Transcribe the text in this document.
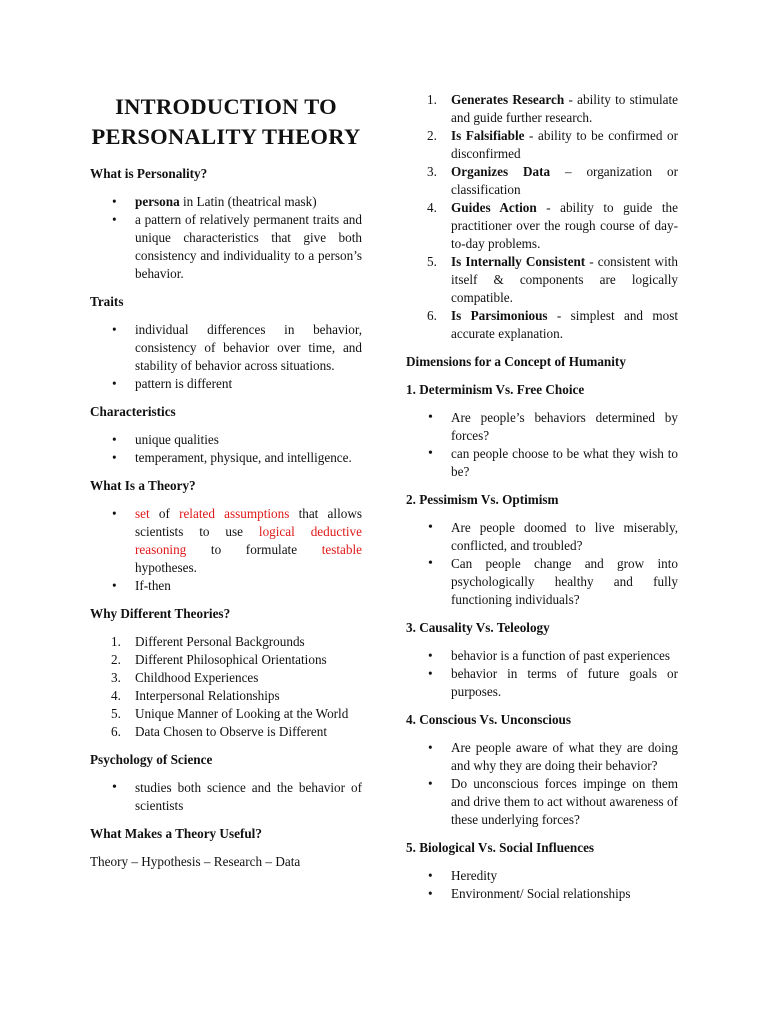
INTRODUCTION TO
PERSONALITY THEORY

What is Personality?

• persona in Latin (theatrical mask)
• a pattern of relatively permanent traits and unique characteristics that give both consistency and individuality to a person’s behavior.

Traits

• individual differences in behavior, consistency of behavior over time, and stability of behavior across situations.
• pattern is different

Characteristics

• unique qualities
• temperament, physique, and intelligence.

What Is a Theory?

• set of related assumptions that allows scientists to use logical deductive reasoning to formulate testable hypotheses.
• If-then

Why Different Theories?

1. Different Personal Backgrounds
2. Different Philosophical Orientations
3. Childhood Experiences
4. Interpersonal Relationships
5. Unique Manner of Looking at the World
6. Data Chosen to Observe is Different

Psychology of Science

• studies both science and the behavior of scientists

What Makes a Theory Useful?

Theory – Hypothesis – Research – Data

1. Generates Research - ability to stimulate and guide further research.
2. Is Falsifiable - ability to be confirmed or disconfirmed
3. Organizes Data – organization or classification
4. Guides Action - ability to guide the practitioner over the rough course of day-to-day problems.
5. Is Internally Consistent - consistent with itself & components are logically compatible.
6. Is Parsimonious - simplest and most accurate explanation.

Dimensions for a Concept of Humanity

1. Determinism Vs. Free Choice

• Are people’s behaviors determined by forces?
• can people choose to be what they wish to be?

2. Pessimism Vs. Optimism

• Are people doomed to live miserably, conflicted, and troubled?
• Can people change and grow into psychologically healthy and fully functioning individuals?

3. Causality Vs. Teleology

• behavior is a function of past experiences
• behavior in terms of future goals or purposes.

4. Conscious Vs. Unconscious

• Are people aware of what they are doing and why they are doing their behavior?
• Do unconscious forces impinge on them and drive them to act without awareness of these underlying forces?

5. Biological Vs. Social Influences

• Heredity
• Environment/ Social relationships
